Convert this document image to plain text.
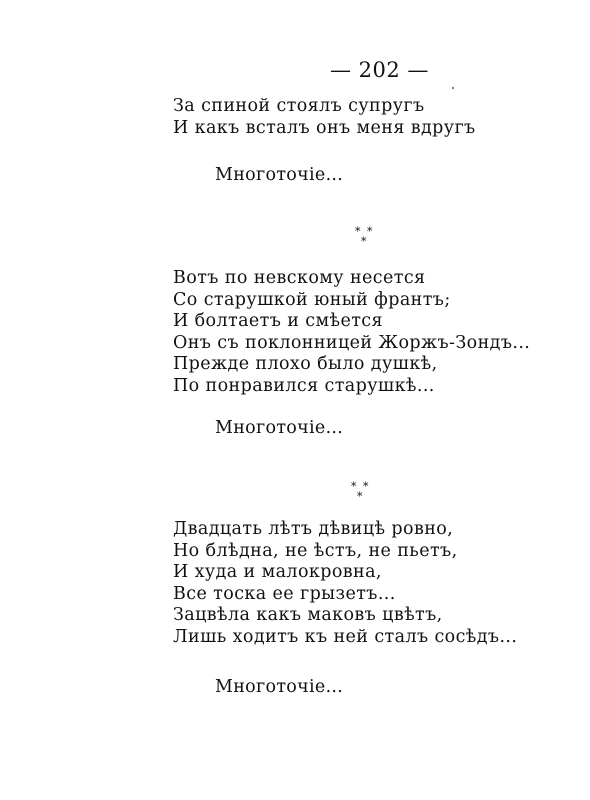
— 202 —
За спиной стоялъ супругъ
И какъ всталъ онъ меня вдругъ
Многоточіе...
* *
*
Вотъ по невскому несется
Со старушкой юный франтъ;
И болтаетъ и смѣется
Онъ съ поклонницей Жоржъ-Зондъ...
Прежде плохо было душкѣ,
По понравился старушкѣ...
Многоточіе...
* *
*
Двадцать лѣтъ дѣвицѣ ровно,
Но блѣдна, не ѣстъ, не пьетъ,
И худа и малокровна,
Все тоска ее грызетъ...
Зацвѣла какъ маковъ цвѣтъ,
Лишь ходитъ къ ней сталъ сосѣдъ...
Многоточіе...
